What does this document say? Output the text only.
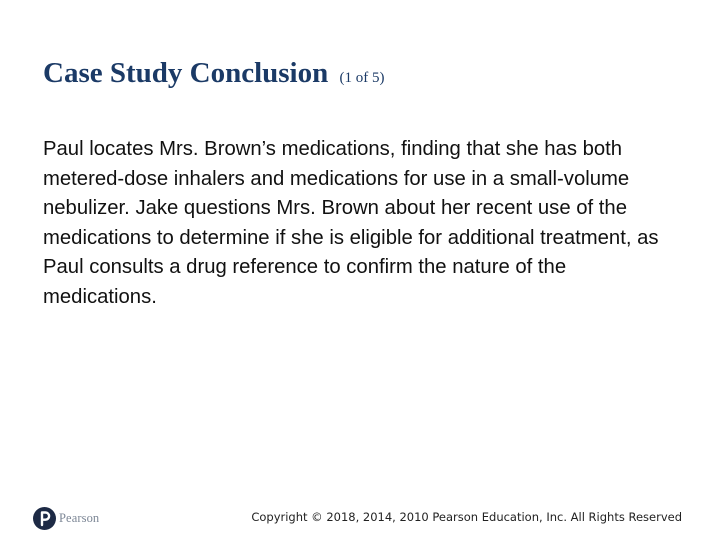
Case Study Conclusion (1 of 5)

Paul locates Mrs. Brown’s medications, finding that she has both metered-dose inhalers and medications for use in a small-volume nebulizer. Jake questions Mrs. Brown about her recent use of the medications to determine if she is eligible for additional treatment, as Paul consults a drug reference to confirm the nature of the medications.

Pearson	Copyright © 2018, 2014, 2010 Pearson Education, Inc. All Rights Reserved
